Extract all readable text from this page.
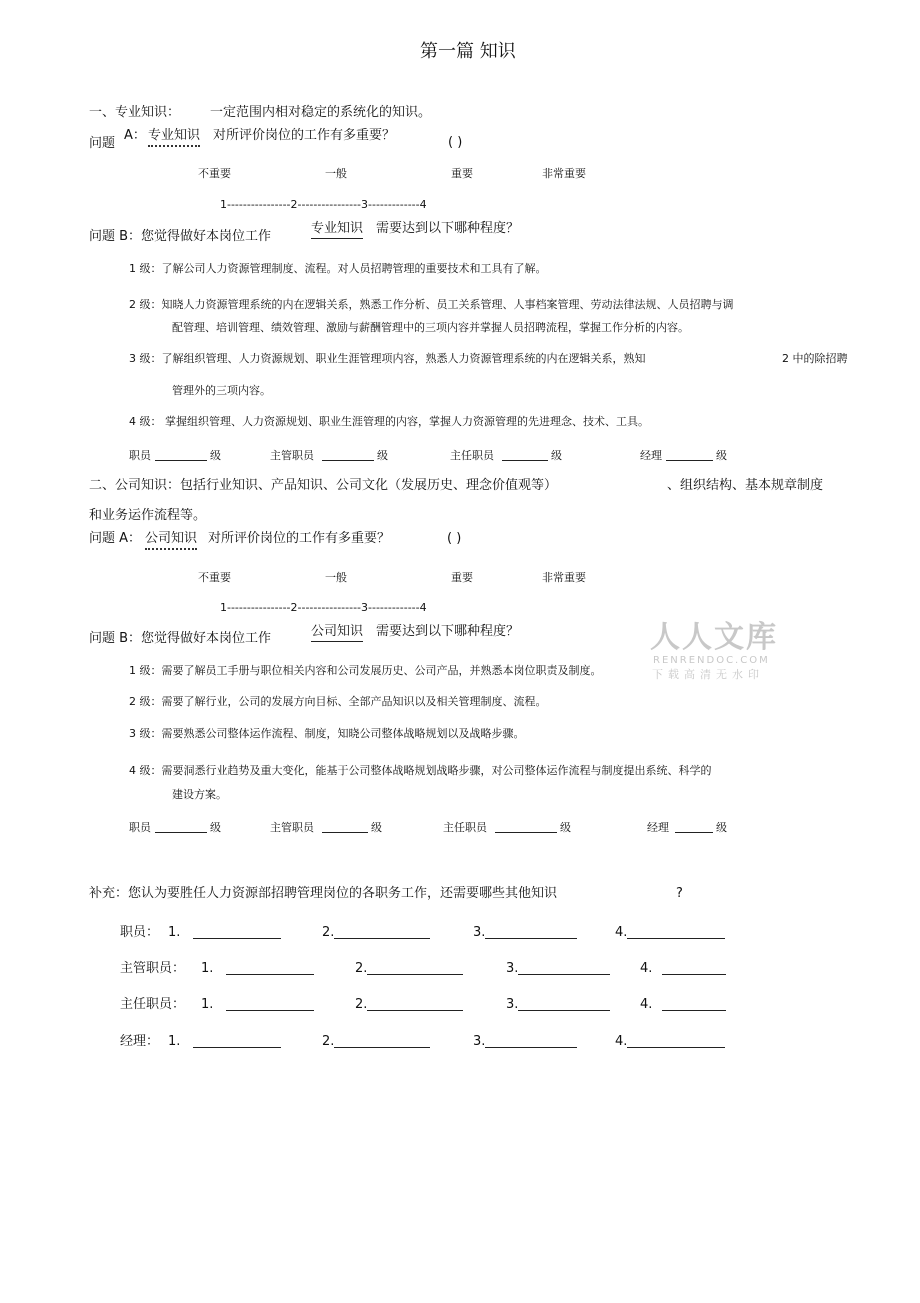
第一篇 知识
一、专业知识： 一定范围内相对稳定的系统化的知识。
问题
A： 专业知识 对所评价岗位的工作有多重要？	( )
不重要	一般	重要	非常重要
1----------------2----------------3-------------4
问题 B：您觉得做好本岗位工作
专业知识 需要达到以下哪种程度？
1 级：了解公司人力资源管理制度、流程。对人员招聘管理的重要技术和工具有了解。
2 级：知晓人力资源管理系统的内在逻辑关系，熟悉工作分析、员工关系管理、人事档案管理、劳动法律法规、人员招聘与调
配管理、培训管理、绩效管理、激励与薪酬管理中的三项内容并掌握人员招聘流程，掌握工作分析的内容。
3 级：了解组织管理、人力资源规划、职业生涯管理项内容，熟悉人力资源管理系统的内在逻辑关系，熟知	2 中的除招聘
管理外的三项内容。
4 级： 掌握组织管理、人力资源规划、职业生涯管理的内容，掌握人力资源管理的先进理念、技术、工具。
职员	级	主管职员	级	主任职员	级	经理	级
二、公司知识：包括行业知识、产品知识、公司文化（发展历史、理念价值观等）	、组织结构、基本规章制度
和业务运作流程等。
问题 A： 公司知识 对所评价岗位的工作有多重要？	( )
不重要	一般	重要	非常重要
1----------------2----------------3-------------4
问题 B：您觉得做好本岗位工作	公司知识 需要达到以下哪种程度？
1 级：需要了解员工手册与职位相关内容和公司发展历史、公司产品，并熟悉本岗位职责及制度。
2 级：需要了解行业，公司的发展方向目标、全部产品知识以及相关管理制度、流程。
3 级：需要熟悉公司整体运作流程、制度，知晓公司整体战略规划以及战略步骤。
4 级：需要洞悉行业趋势及重大变化，能基于公司整体战略规划战略步骤，对公司整体运作流程与制度提出系统、科学的
建设方案。
职员	级	主管职员	级	主任职员	级	经理	级
人人文库
RENRENDOC.COM
下载高清无水印
补充：您认为要胜任人力资源部招聘管理岗位的各职务工作，还需要哪些其他知识	?
职员： 1.	2.	3.	4.
主管职员： 1.	2.	3.	4.
主任职员： 1.	2.	3.	4.
经理： 1.	2.	3.	4.
